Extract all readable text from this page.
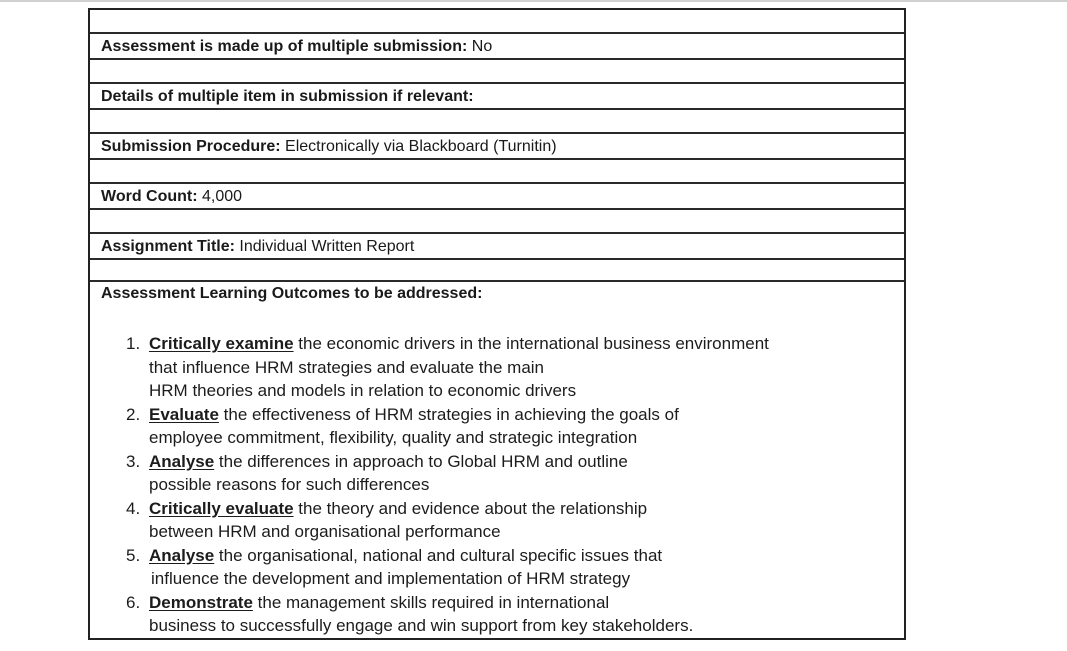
Assessment is made up of multiple submission: No
Details of multiple item in submission if relevant:
Submission Procedure: Electronically via Blackboard (Turnitin)
Word Count: 4,000
Assignment Title: Individual Written Report
Assessment Learning Outcomes to be addressed:
1. Critically examine the economic drivers in the international business environment
that influence HRM strategies and evaluate the main
HRM theories and models in relation to economic drivers
2. Evaluate the effectiveness of HRM strategies in achieving the goals of
employee commitment, flexibility, quality and strategic integration
3. Analyse the differences in approach to Global HRM and outline
possible reasons for such differences
4. Critically evaluate the theory and evidence about the relationship
between HRM and organisational performance
5. Analyse the organisational, national and cultural specific issues that
influence the development and implementation of HRM strategy
6. Demonstrate the management skills required in international
business to successfully engage and win support from key stakeholders.
